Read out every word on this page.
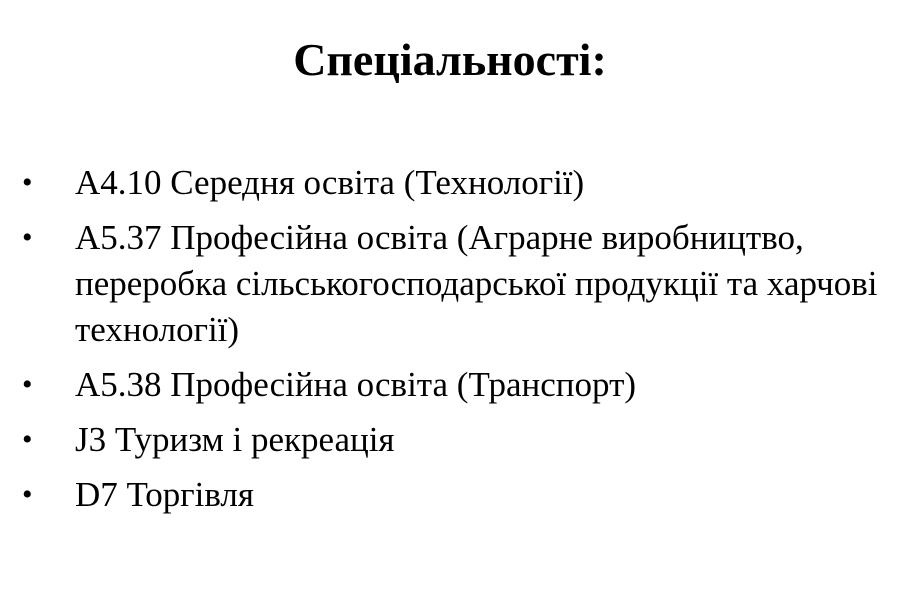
Спеціальності:
• А4.10 Середня освіта (Технології)
• А5.37 Професійна освіта (Аграрне виробництво, переробка сільськогосподарської продукції та харчові технології)
• А5.38 Професійна освіта (Транспорт)
• J3 Туризм і рекреація
• D7 Торгівля
